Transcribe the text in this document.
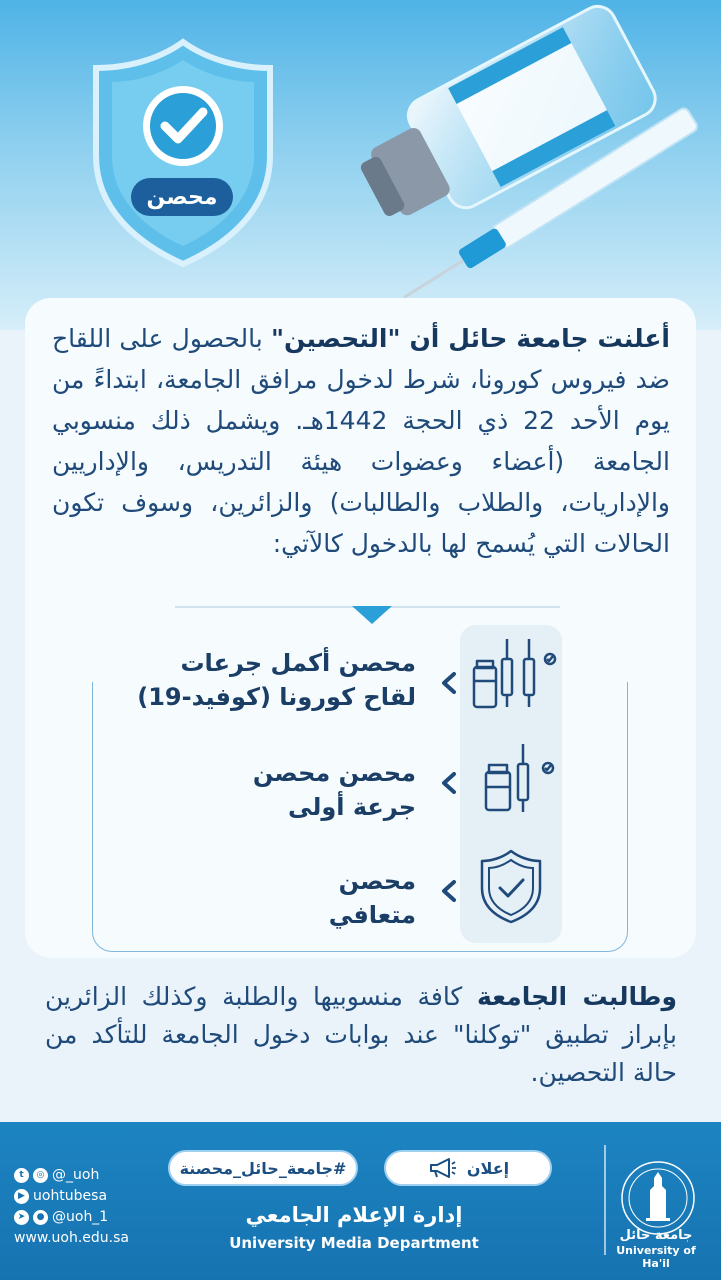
محصن

أعلنت جامعة حائل أن "التحصين" بالحصول على اللقاح ضد فيروس كورونا، شرط لدخول مرافق الجامعة، ابتداءً من يوم الأحد 22 ذي الحجة 1442هـ. ويشمل ذلك منسوبي الجامعة (أعضاء وعضوات هيئة التدريس، والإداريين والإداريات، والطلاب والطالبات) والزائرين، وسوف تكون الحالات التي يُسمح لها بالدخول كالآتي:

محصن أكمل جرعات
لقاح كورونا (كوفيد-19)
محصن محصن
جرعة أولى
محصن
متعافي

وطالبت الجامعة كافة منسوبيها والطلبة وكذلك الزائرين بإبراز تطبيق "توكلنا" عند بوابات دخول الجامعة للتأكد من حالة التحصين.

t	◎ @_uoh
▶ uohtubesa
➤	● @uoh_1
www.uoh.edu.sa
#جامعة_حائل_محصنة	إعلان
إدارة الإعلام الجامعي
University Media Department	جامعة حائل
University of Ha'il
